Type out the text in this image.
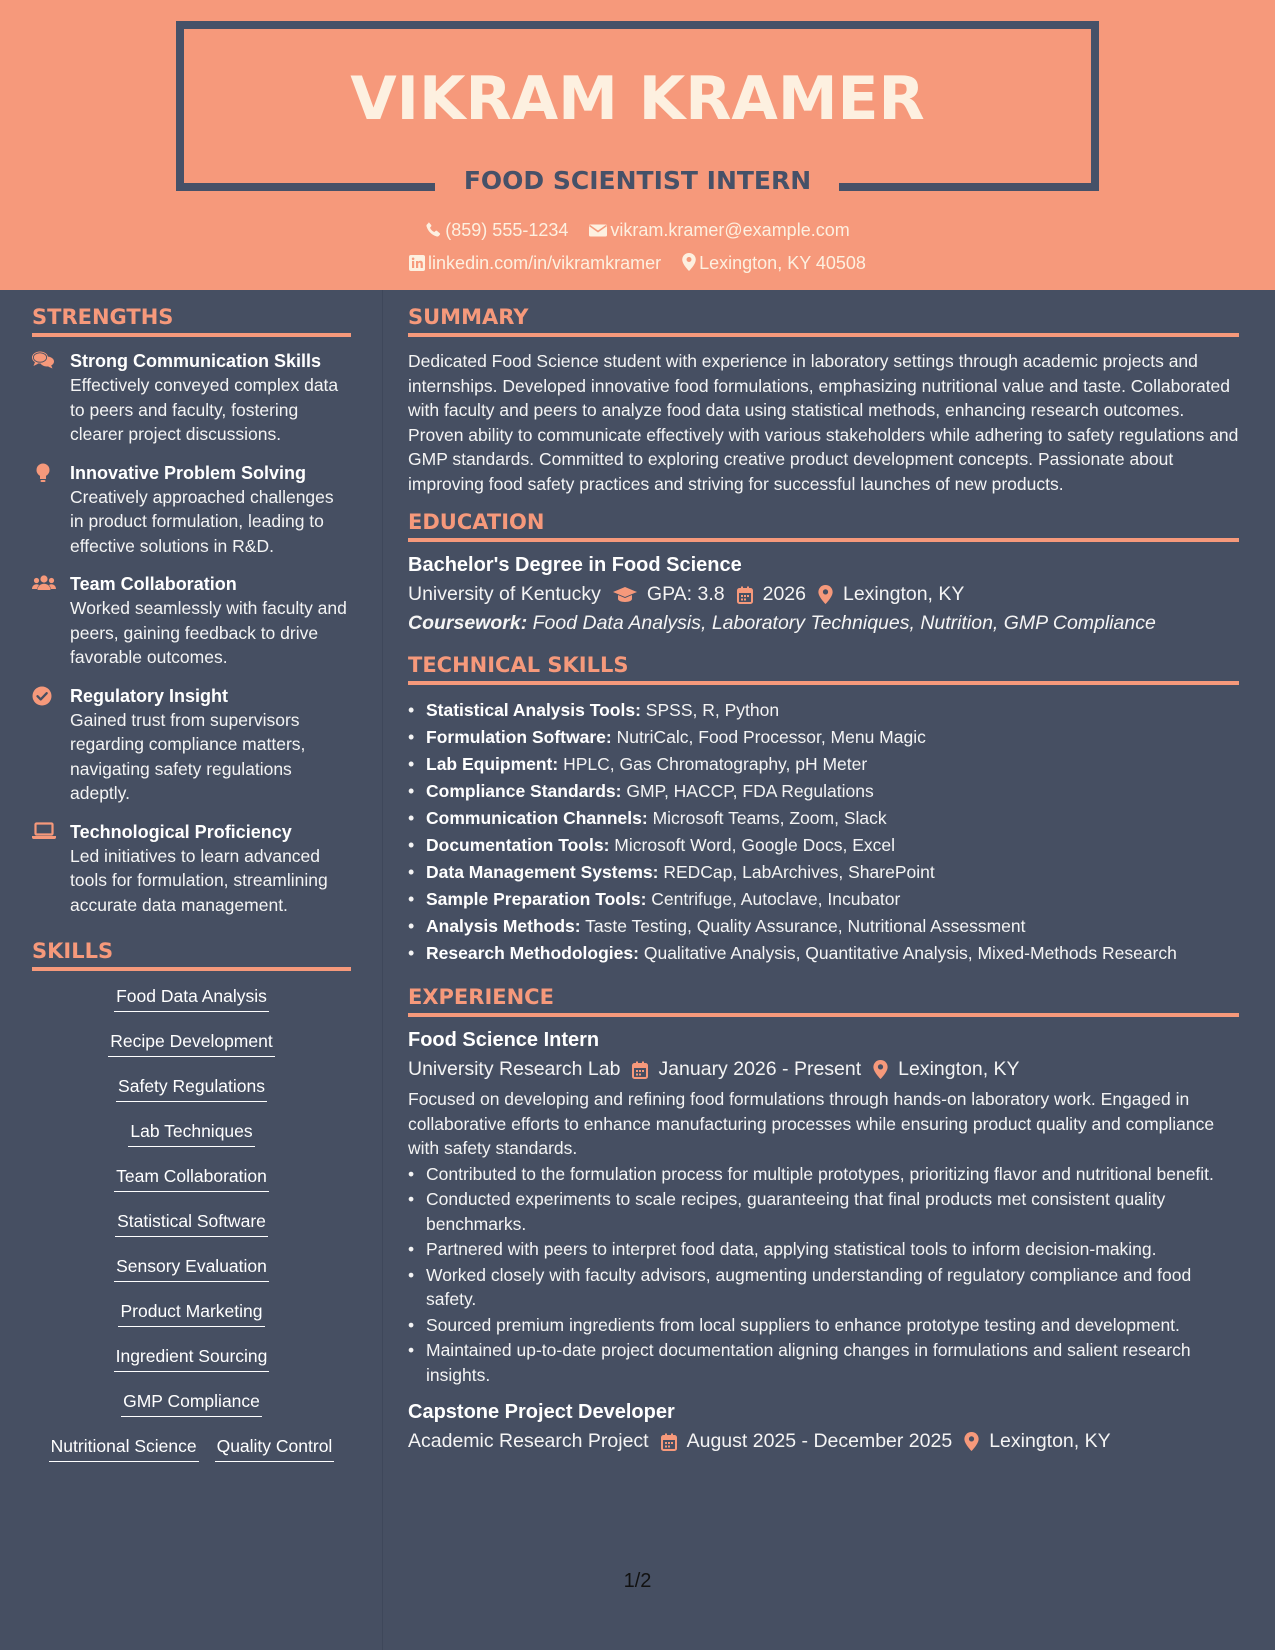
VIKRAM KRAMER
FOOD SCIENTIST INTERN
(859) 555-1234 vikram.kramer@example.com
linkedin.com/in/vikramkramer Lexington, KY 40508
STRENGTHS
Strong Communication Skills
Effectively conveyed complex data to peers and faculty, fostering clearer project discussions.
Innovative Problem Solving
Creatively approached challenges in product formulation, leading to effective solutions in R&D.
Team Collaboration
Worked seamlessly with faculty and peers, gaining feedback to drive favorable outcomes.
Regulatory Insight
Gained trust from supervisors regarding compliance matters, navigating safety regulations adeptly.
Technological Proficiency
Led initiatives to learn advanced tools for formulation, streamlining accurate data management.
SKILLS
Food Data Analysis
Recipe Development
Safety Regulations
Lab Techniques
Team Collaboration
Statistical Software
Sensory Evaluation
Product Marketing
Ingredient Sourcing
GMP Compliance
Nutritional Science Quality Control
SUMMARY
Dedicated Food Science student with experience in laboratory settings through academic projects and internships. Developed innovative food formulations, emphasizing nutritional value and taste. Collaborated with faculty and peers to analyze food data using statistical methods, enhancing research outcomes. Proven ability to communicate effectively with various stakeholders while adhering to safety regulations and GMP standards. Committed to exploring creative product development concepts. Passionate about improving food safety practices and striving for successful launches of new products.
EDUCATION
Bachelor's Degree in Food Science
University of Kentucky GPA: 3.8 2026 Lexington, KY
Coursework: Food Data Analysis, Laboratory Techniques, Nutrition, GMP Compliance
TECHNICAL SKILLS
• Statistical Analysis Tools: SPSS, R, Python
• Formulation Software: NutriCalc, Food Processor, Menu Magic
• Lab Equipment: HPLC, Gas Chromatography, pH Meter
• Compliance Standards: GMP, HACCP, FDA Regulations
• Communication Channels: Microsoft Teams, Zoom, Slack
• Documentation Tools: Microsoft Word, Google Docs, Excel
• Data Management Systems: REDCap, LabArchives, SharePoint
• Sample Preparation Tools: Centrifuge, Autoclave, Incubator
• Analysis Methods: Taste Testing, Quality Assurance, Nutritional Assessment
• Research Methodologies: Qualitative Analysis, Quantitative Analysis, Mixed-Methods Research
EXPERIENCE
Food Science Intern
University Research Lab January 2026 - Present Lexington, KY
Focused on developing and refining food formulations through hands-on laboratory work. Engaged in collaborative efforts to enhance manufacturing processes while ensuring product quality and compliance with safety standards.
• Contributed to the formulation process for multiple prototypes, prioritizing flavor and nutritional benefit.
• Conducted experiments to scale recipes, guaranteeing that final products met consistent quality benchmarks.
• Partnered with peers to interpret food data, applying statistical tools to inform decision-making.
• Worked closely with faculty advisors, augmenting understanding of regulatory compliance and food safety.
• Sourced premium ingredients from local suppliers to enhance prototype testing and development.
• Maintained up-to-date project documentation aligning changes in formulations and salient research insights.
Capstone Project Developer
Academic Research Project August 2025 - December 2025 Lexington, KY
1/2
